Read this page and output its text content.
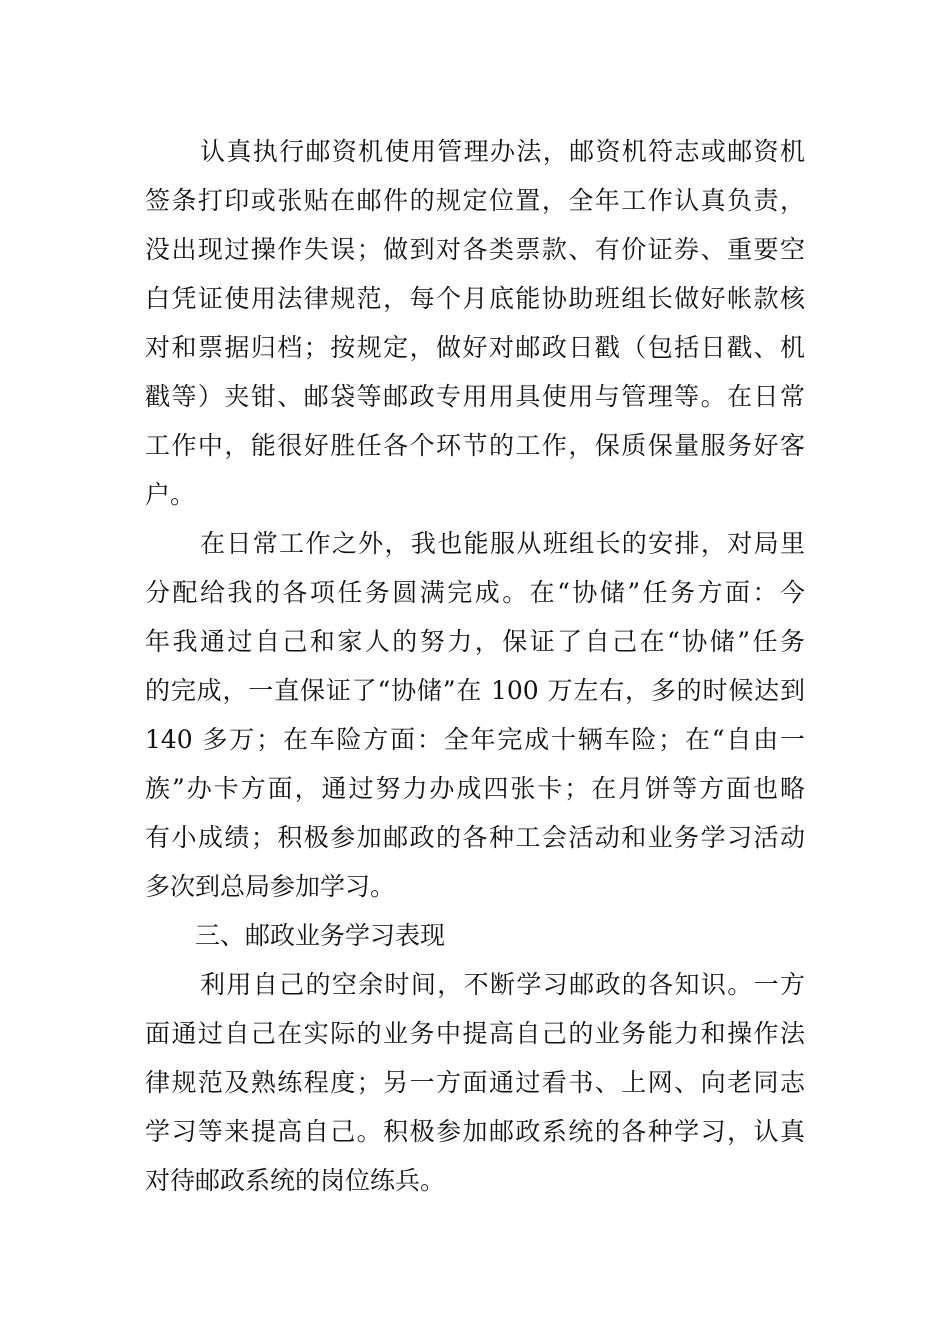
认真执行邮资机使用管理办法，邮资机符志或邮资机
签条打印或张贴在邮件的规定位置，全年工作认真负责，
没出现过操作失误；做到对各类票款、有价证券、重要空
白凭证使用法律规范，每个月底能协助班组长做好帐款核
对和票据归档；按规定，做好对邮政日戳（包括日戳、机
戳等）夹钳、邮袋等邮政专用用具使用与管理等。在日常
工作中，能很好胜任各个环节的工作，保质保量服务好客
户。
在日常工作之外，我也能服从班组长的安排，对局里
分配给我的各项任务圆满完成。在“协储”任务方面：今
年我通过自己和家人的努力，保证了自己在“协储”任务
的完成，一直保证了“协储”在 100 万左右，多的时候达到
140 多万；在车险方面：全年完成十辆车险；在“自由一
族”办卡方面，通过努力办成四张卡；在月饼等方面也略
有小成绩；积极参加邮政的各种工会活动和业务学习活动
多次到总局参加学习。
三、邮政业务学习表现
利用自己的空余时间，不断学习邮政的各知识。一方
面通过自己在实际的业务中提高自己的业务能力和操作法
律规范及熟练程度；另一方面通过看书、上网、向老同志
学习等来提高自己。积极参加邮政系统的各种学习，认真
对待邮政系统的岗位练兵。
